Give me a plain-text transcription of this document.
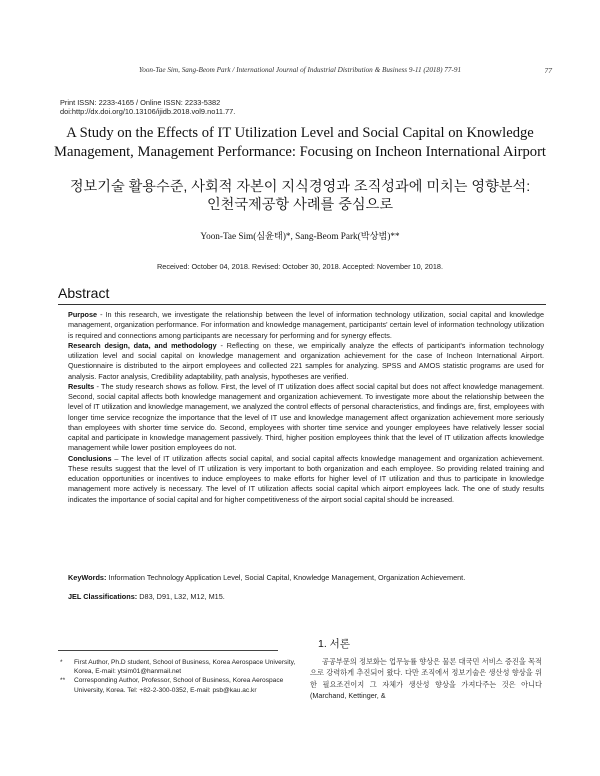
Yoon-Tae Sim, Sang-Beom Park / International Journal of Industrial Distribution & Business 9-11 (2018) 77-91	77
Print ISSN: 2233-4165 / Online ISSN: 2233-5382
doi:http://dx.doi.org/10.13106/ijidb.2018.vol9.no11.77.
A Study on the Effects of IT Utilization Level and Social Capital on Knowledge
Management, Management Performance: Focusing on Incheon International Airport
정보기술 활용수준, 사회적 자본이 지식경영과 조직성과에 미치는 영향분석:
인천국제공항 사례를 중심으로
Yoon-Tae Sim(심윤태)*, Sang-Beom Park(박상범)**
Received: October 04, 2018. Revised: October 30, 2018. Accepted: November 10, 2018.
Abstract

Purpose - In this research, we investigate the relationship between the level of information technology utilization, social capital and knowledge management, organization performance. For information and knowledge management, participants' certain level of information technology utilization is required and connections among participants are necessary for performing and for synergy effects.

Research design, data, and methodology - Reflecting on these, we empirically analyze the effects of participant's information technology utilization level and social capital on knowledge management and organization achievement for the case of Incheon International Airport. Questionnaire is distributed to the airport employees and collected 221 samples for analyzing. SPSS and AMOS statistic programs are used for analysis. Factor analysis, Credibility adaptability, path analysis, hypotheses are verified.

Results - The study research shows as follow. First, the level of IT utilization does affect social capital but does not affect knowledge management. Second, social capital affects both knowledge management and organization achievement. To investigate more about the relationship between the level of IT utilization and knowledge management, we analyzed the control effects of personal characteristics, and findings are, first, employees with longer time service recognize the importance that the level of IT use and knowledge management affect organization achievement more seriously than employees with shorter time service do. Second, employees with shorter time service and younger employees have relatively lesser social capital and participate in knowledge management passively. Third, higher position employees think that the level of IT utilization affects knowledge management while lower position employees do not.

Conclusions – The level of IT utilization affects social capital, and social capital affects knowledge management and organization achievement. These results suggest that the level of IT utilization is very important to both organization and each employee. So providing related training and education opportunities or incentives to induce employees to make efforts for higher level of IT utilization and thus to participate in knowledge management more actively is necessary. The level of IT utilization affects social capital which airport employees lack. The one of study results indicates the importance of social capital and for higher competitiveness of the airport social capital should be increased.

KeyWords: Information Technology Application Level, Social Capital, Knowledge Management, Organization Achievement.
JEL Classifications: D83, D91, L32, M12, M15.
1. 서론
* First Author, Ph.D student, School of Business, Korea Aerospace University, Korea, E-mail: ytsim01@hanmail.net
** Corresponding Author, Professor, School of Business, Korea Aerospace University, Korea. Tel: +82-2-300-0352, E-mail: psb@kau.ac.kr
공공부문의 정보화는 업무능률 향상은 물론 대국민 서비스 증진을 목적으로 강력하게 추진되어 왔다. 다만 조직에서 정보기술은 생산성 향상을 위한 필요조건이지 그 자체가 생산성 향상을 가져다주는 것은 아니다(Marchand, Kettinger, &
